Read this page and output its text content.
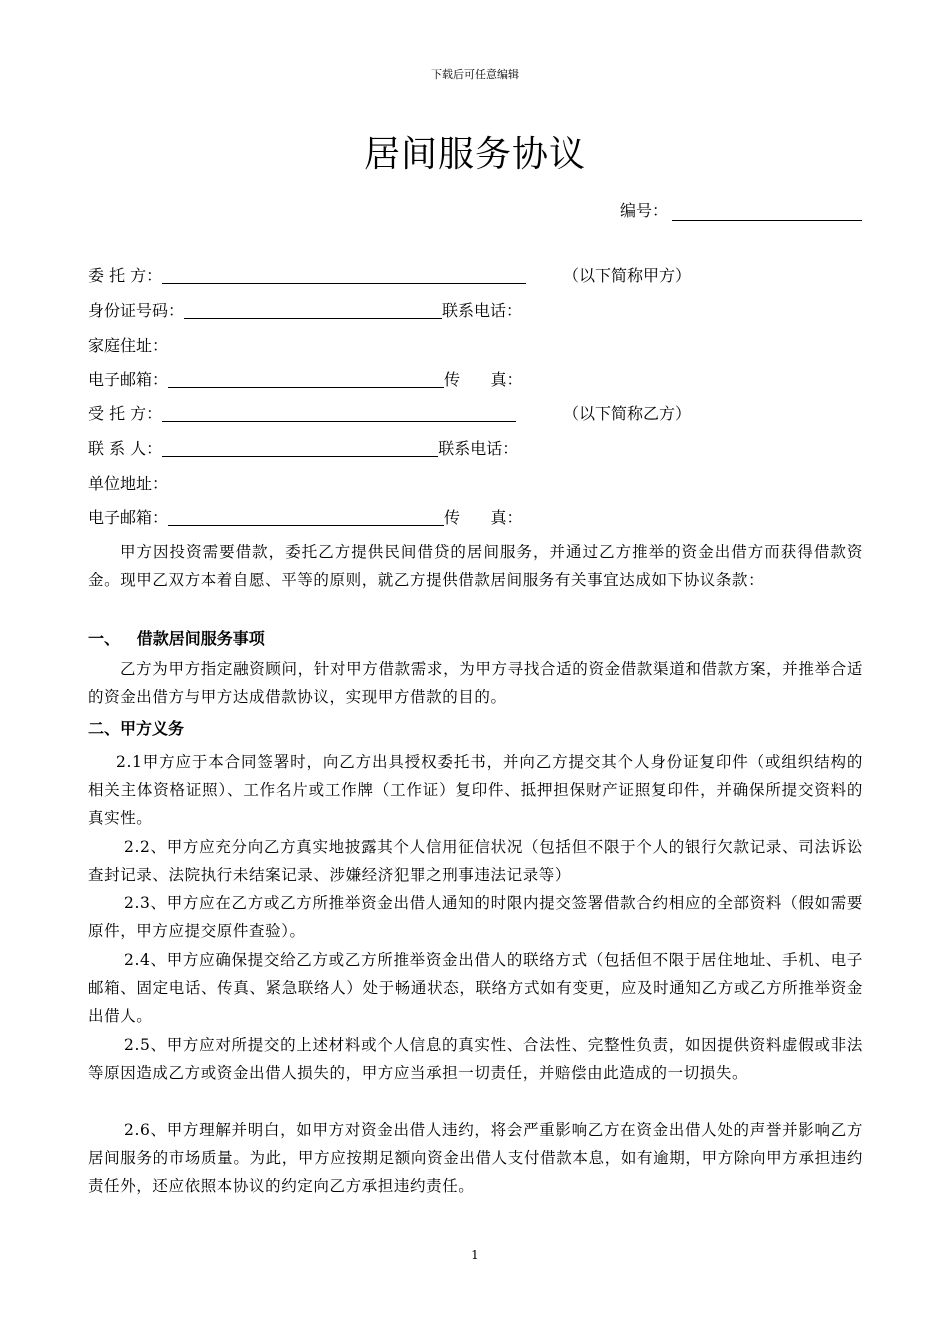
下载后可任意编辑
居间服务协议
编号：
委 托 方：	（以下简称甲方）
身份证号码：	联系电话：
家庭住址：
电子邮箱：	传      真：
受 托 方：	（以下简称乙方）
联 系 人：	联系电话：
单位地址：
电子邮箱：	传      真：
甲方因投资需要借款，委托乙方提供民间借贷的居间服务，并通过乙方推举的资金出借方而获得借款资金。现甲乙双方本着自愿、平等的原则，就乙方提供借款居间服务有关事宜达成如下协议条款：
一、   借款居间服务事项
乙方为甲方指定融资顾问，针对甲方借款需求，为甲方寻找合适的资金借款渠道和借款方案，并推举合适的资金出借方与甲方达成借款协议，实现甲方借款的目的。
二、甲方义务
2.1甲方应于本合同签署时，向乙方出具授权委托书，并向乙方提交其个人身份证复印件（或组织结构的相关主体资格证照）、工作名片或工作牌（工作证）复印件、抵押担保财产证照复印件，并确保所提交资料的真实性。
2.2、甲方应充分向乙方真实地披露其个人信用征信状况（包括但不限于个人的银行欠款记录、司法诉讼查封记录、法院执行未结案记录、涉嫌经济犯罪之刑事违法记录等）
2.3、甲方应在乙方或乙方所推举资金出借人通知的时限内提交签署借款合约相应的全部资料（假如需要原件，甲方应提交原件查验）。
2.4、甲方应确保提交给乙方或乙方所推举资金出借人的联络方式（包括但不限于居住地址、手机、电子邮箱、固定电话、传真、紧急联络人）处于畅通状态，联络方式如有变更，应及时通知乙方或乙方所推举资金出借人。
2.5、甲方应对所提交的上述材料或个人信息的真实性、合法性、完整性负责，如因提供资料虚假或非法等原因造成乙方或资金出借人损失的，甲方应当承担一切责任，并赔偿由此造成的一切损失。
2.6、甲方理解并明白，如甲方对资金出借人违约，将会严重影响乙方在资金出借人处的声誉并影响乙方居间服务的市场质量。为此，甲方应按期足额向资金出借人支付借款本息，如有逾期，甲方除向甲方承担违约责任外，还应依照本协议的约定向乙方承担违约责任。
1
